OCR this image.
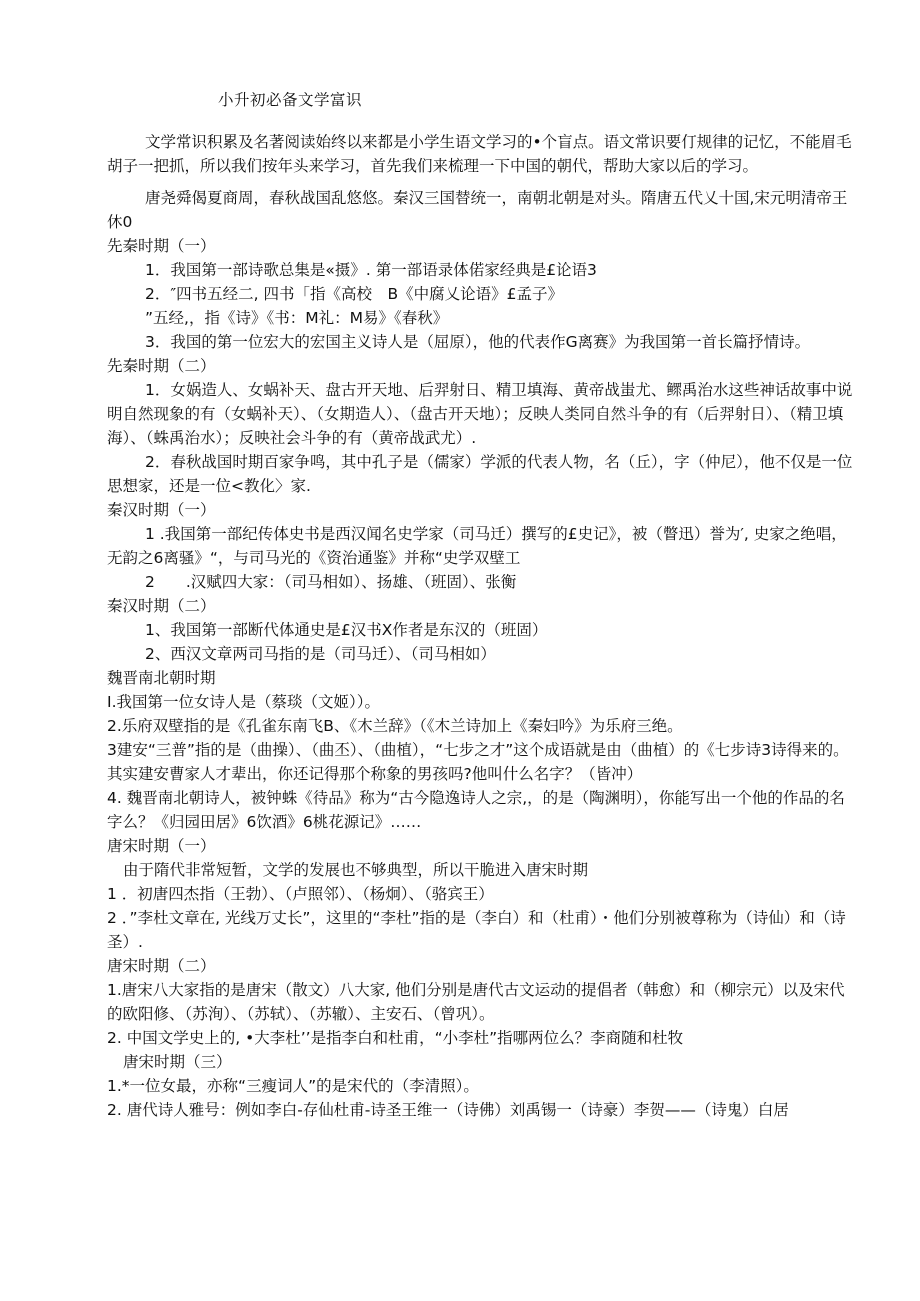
小升初必备文学富识

文学常识积累及名著阅读始终以来都是小学生语文学习的•个盲点。语文常识要仃规律的记忆，不能眉毛胡子一把抓，所以我们按年头来学习，首先我们来梳理一下中国的朝代，帮助大家以后的学习。

唐尧舜偈夏商周，春秋战国乱悠悠。秦汉三国替统一，南朝北朝是对头。隋唐五代乂十国,宋元明清帝王休0

先秦时期（一）

1．我国第一部诗歌总集是«摄》. 第一部语录体偌家经典是£论语3

2．″四书五经二, 四书「指《高校　B《中腐乂论语》£孟子》

”五经,，指《诗》《书：M礼：M易》《春秋》

3．我国的第一位宏大的宏国主义诗人是（屈原），他的代表作G离赛》为我国第一首长篇抒情诗。

先秦时期（二）

1．女娲造人、女蜗补天、盘古开天地、后羿射日、精卫填海、黄帝战蚩尤、鳏禹治水这些神话故事中说明自然现象的有（女蜗补天）、（女期造人）、（盘古开天地）；反映人类同自然斗争的有（后羿射日）、（精卫填海）、（蛛禹治水）；反映社会斗争的有（黄帝战武尤）.

2．春秋战国时期百家争鸣，其中孔子是（儒家）学派的代表人物，名（丘），字（仲尼），他不仅是一位思想家，还是一位<教化〉家.

秦汉时期（一）

1 .我国第一部纪传体史书是西汉闻名史学家（司马迁）撰写的£史记》，被（瞥迅）誉为′, 史家之绝唱，无韵之6离骚》“，与司马光的《资治通鉴》并称“史学双壁工

2　　.汉赋四大家：（司马相如）、扬雄、（班固）、张衡

秦汉时期（二）

1、我国第一部断代体通史是£汉书X作者是东汉的（班固）

2、西汉文章两司马指的是（司马迁）、（司马相如）

魏晋南北朝时期

I.我国第一位女诗人是（蔡琰（文姬））。

2.乐府双壁指的是《孔雀东南飞B、《木兰辞》（《木兰诗加上《秦妇吟》为乐府三绝。

3建安“三普”指的是（曲操）、（曲丕）、（曲植），“七步之才”这个成语就是由（曲植）的《七步诗3诗得来的。其实建安曹家人才辈出，你还记得那个称象的男孩吗?他叫什么名字？（皆冲）

4. 魏晋南北朝诗人，被钟蛛《待品》称为“古今隐逸诗人之宗,，的是（陶渊明），你能写出一个他的作品的名字么？《归园田居》6饮酒》6桃花源记》……

唐宋时期（一）

由于隋代非常短暂，文学的发展也不够典型，所以干脆进入唐宋时期

1 ．初唐四杰指（王勃）、（卢照邻）、（杨炯）、（骆宾王）

2 ．”李杜文章在, 光线万丈长”，这里的“李杜”指的是（李白）和（杜甫）・他们分别被尊称为（诗仙）和（诗圣）.

唐宋时期（二）

1.唐宋八大家指的是唐宋（散文）八大家, 他们分别是唐代古文运动的提倡者（韩愈）和（柳宗元）以及宋代的欧阳修、（苏洵）、（苏轼）、（苏辙）、主安石、（曾巩）。

2. 中国文学史上的, •大李杜’’是指李白和杜甫，“小李杜”指哪两位么？李商随和杜牧

唐宋时期（三）

1.*一位女最，亦称“三瘦词人”的是宋代的（李清照）。

2. 唐代诗人雅号：例如李白-存仙杜甫-诗圣王维一（诗佛）刘禹锡一（诗豪）李贺——（诗鬼）白居
